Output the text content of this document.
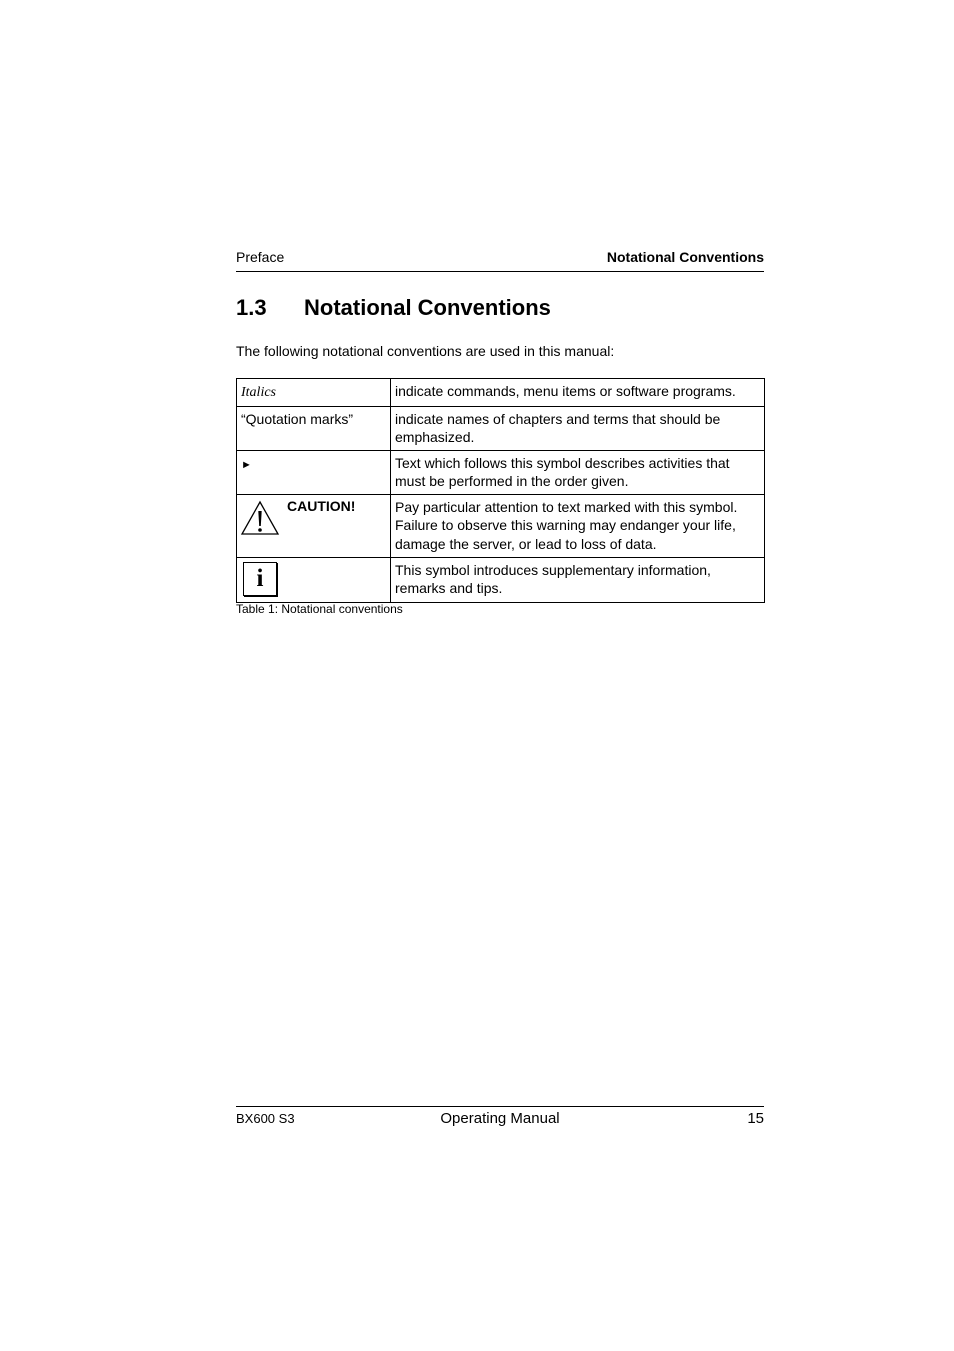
Preface	Notational Conventions
1.3 Notational Conventions
The following notational conventions are used in this manual:
Italics	indicate commands, menu items or software programs.
“Quotation marks”	indicate names of chapters and terms that should be emphasized.
►	Text which follows this symbol describes activities that must be performed in the order given.

CAUTION!	Pay particular attention to text marked with this symbol. Failure to observe this warning may endanger your life, damage the server, or lead to loss of data.

i	This symbol introduces supplementary information, remarks and tips.
Table 1: Notational conventions
BX600 S3	Operating Manual	15
